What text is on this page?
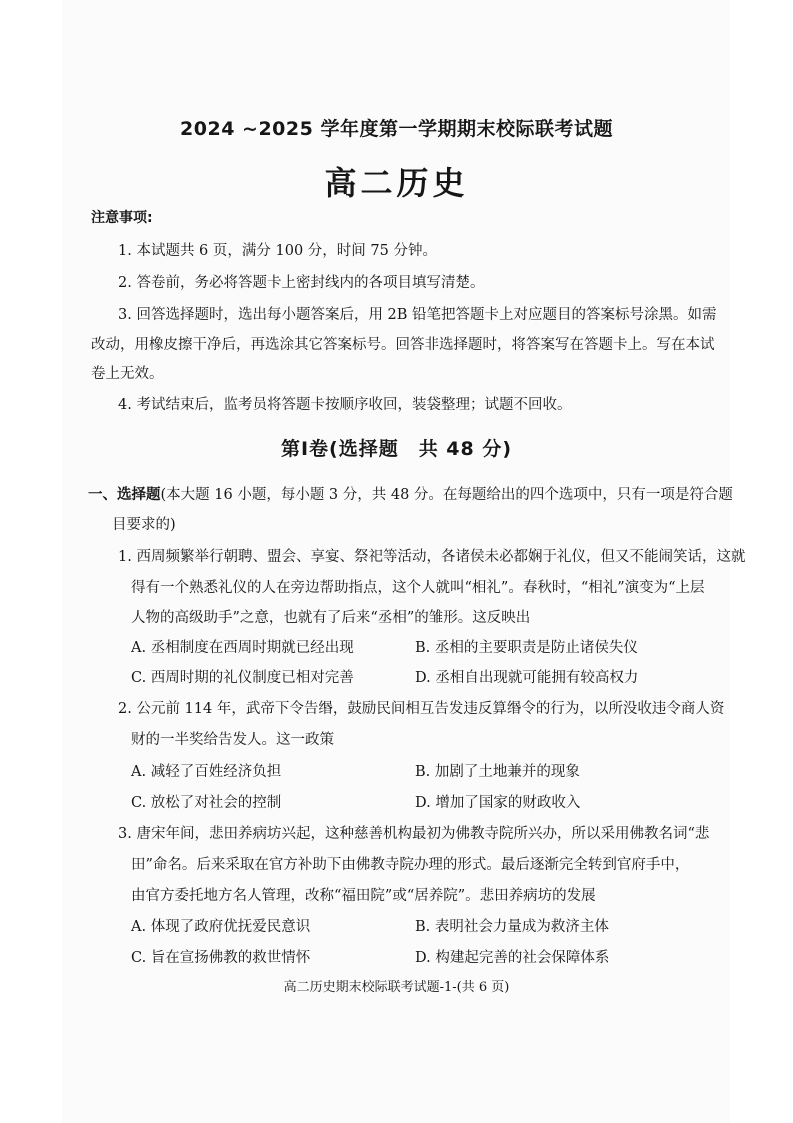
2024 ~2025 学年度第一学期期末校际联考试题
高二历史
注意事项:
1. 本试题共 6 页，满分 100 分，时间 75 分钟。
2. 答卷前，务必将答题卡上密封线内的各项目填写清楚。
3. 回答选择题时，选出每小题答案后，用 2B 铅笔把答题卡上对应题目的答案标号涂黑。如需
改动，用橡皮擦干净后，再选涂其它答案标号。回答非选择题时，将答案写在答题卡上。写在本试
卷上无效。
4. 考试结束后，监考员将答题卡按顺序收回，装袋整理；试题不回收。
第Ⅰ卷(选择题　共 48 分)
一、选择题(本大题 16 小题，每小题 3 分，共 48 分。在每题给出的四个选项中，只有一项是符合题
目要求的)
1. 西周频繁举行朝聘、盟会、享宴、祭祀等活动，各诸侯未必都娴于礼仪，但又不能闹笑话，这就
得有一个熟悉礼仪的人在旁边帮助指点，这个人就叫“相礼”。春秋时，“相礼”演变为“上层
人物的高级助手”之意，也就有了后来“丞相”的雏形。这反映出
A. 丞相制度在西周时期就已经出现	B. 丞相的主要职责是防止诸侯失仪
C. 西周时期的礼仪制度已相对完善	D. 丞相自出现就可能拥有较高权力
2. 公元前 114 年，武帝下令告缗，鼓励民间相互告发违反算缗令的行为，以所没收违令商人资
财的一半奖给告发人。这一政策
A. 减轻了百姓经济负担	B. 加剧了土地兼并的现象
C. 放松了对社会的控制	D. 增加了国家的财政收入
3. 唐宋年间，悲田养病坊兴起，这种慈善机构最初为佛教寺院所兴办，所以采用佛教名词“悲
田”命名。后来采取在官方补助下由佛教寺院办理的形式。最后逐渐完全转到官府手中，
由官方委托地方名人管理，改称“福田院”或“居养院”。悲田养病坊的发展
A. 体现了政府优抚爱民意识	B. 表明社会力量成为救济主体
C. 旨在宣扬佛教的救世情怀	D. 构建起完善的社会保障体系
高二历史期末校际联考试题-1-(共 6 页)
